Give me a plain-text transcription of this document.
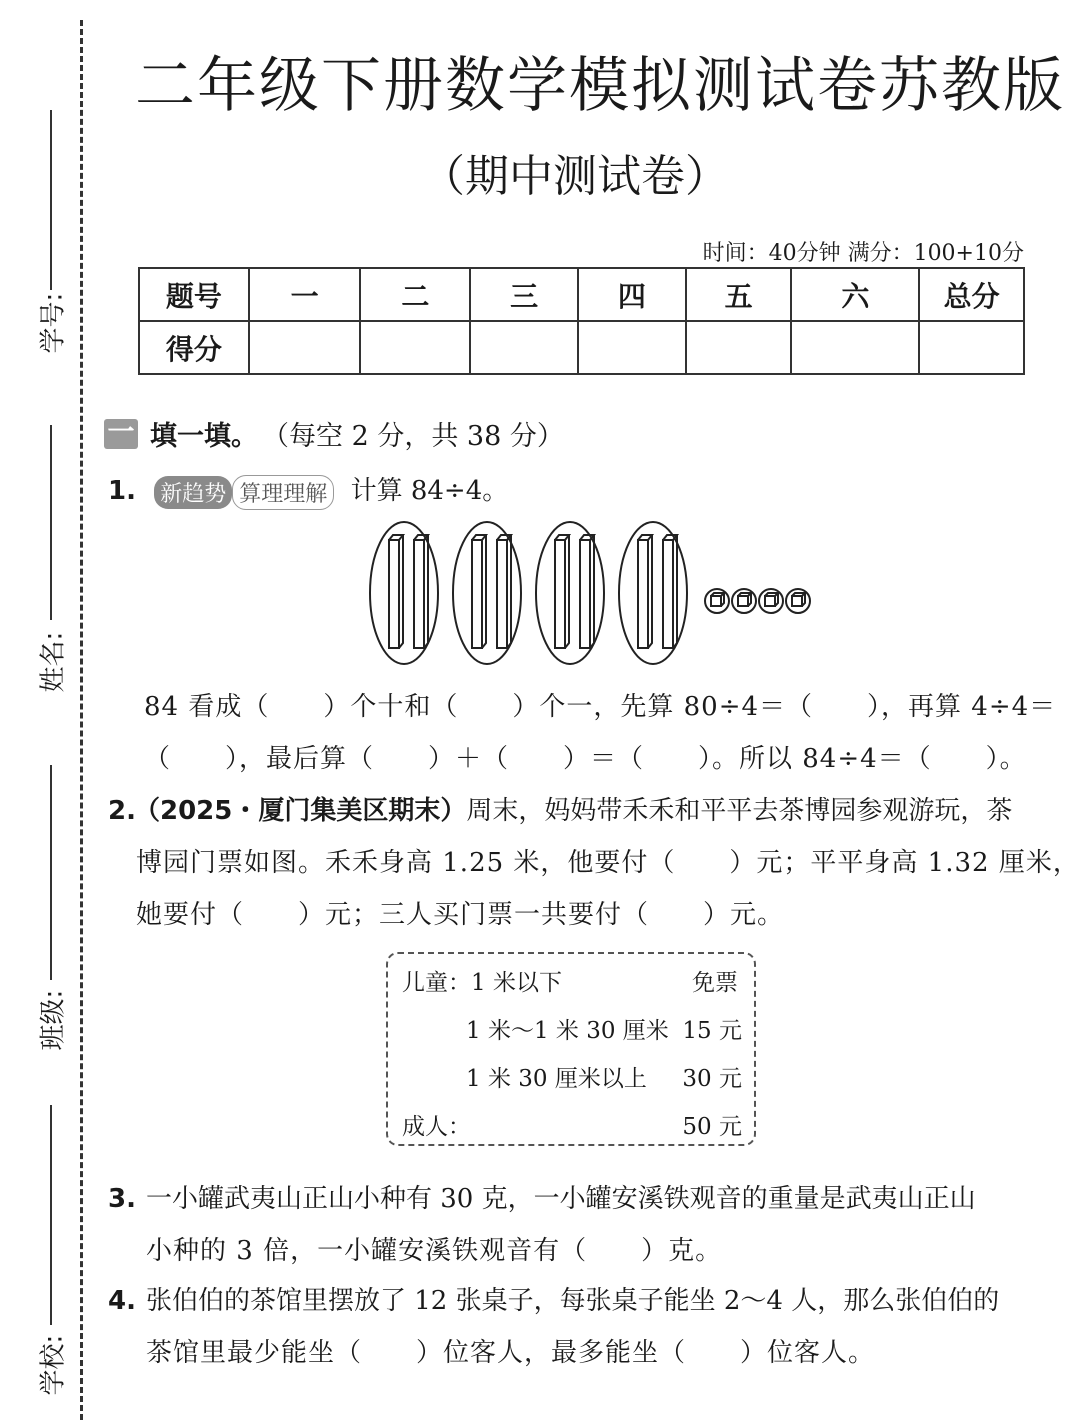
学号:
姓名:
班级:
学校:
二年级下册数学模拟测试卷苏教版
（期中测试卷）
时间：40分钟 满分：100+10分
题号	一	二	三	四	五	六	总分
得分							
一 填一填。 （每空 2 分，共 38 分）
1. 新趋势 算理理解 计算 84÷4。
84 看成（　　）个十和（　　）个一，先算 80÷4＝（　　），再算 4÷4＝
（　　），最后算（　　）＋（　　）＝（　　）。所以 84÷4＝（　　）。
2.（2025・厦门集美区期末）周末，妈妈带禾禾和平平去茶博园参观游玩，茶
博园门票如图。禾禾身高 1.25 米，他要付（　　）元；平平身高 1.32 厘米，
她要付（　　）元；三人买门票一共要付（　　）元。
儿童：1 米以下	免票
1 米～1 米 30 厘米 15 元
1 米 30 厘米以上 30 元
成人：	50 元
3. 一小罐武夷山正山小种有 30 克，一小罐安溪铁观音的重量是武夷山正山
小种的 3 倍，一小罐安溪铁观音有（　　）克。
4. 张伯伯的茶馆里摆放了 12 张桌子，每张桌子能坐 2～4 人，那么张伯伯的
茶馆里最少能坐（　　）位客人，最多能坐（　　）位客人。
